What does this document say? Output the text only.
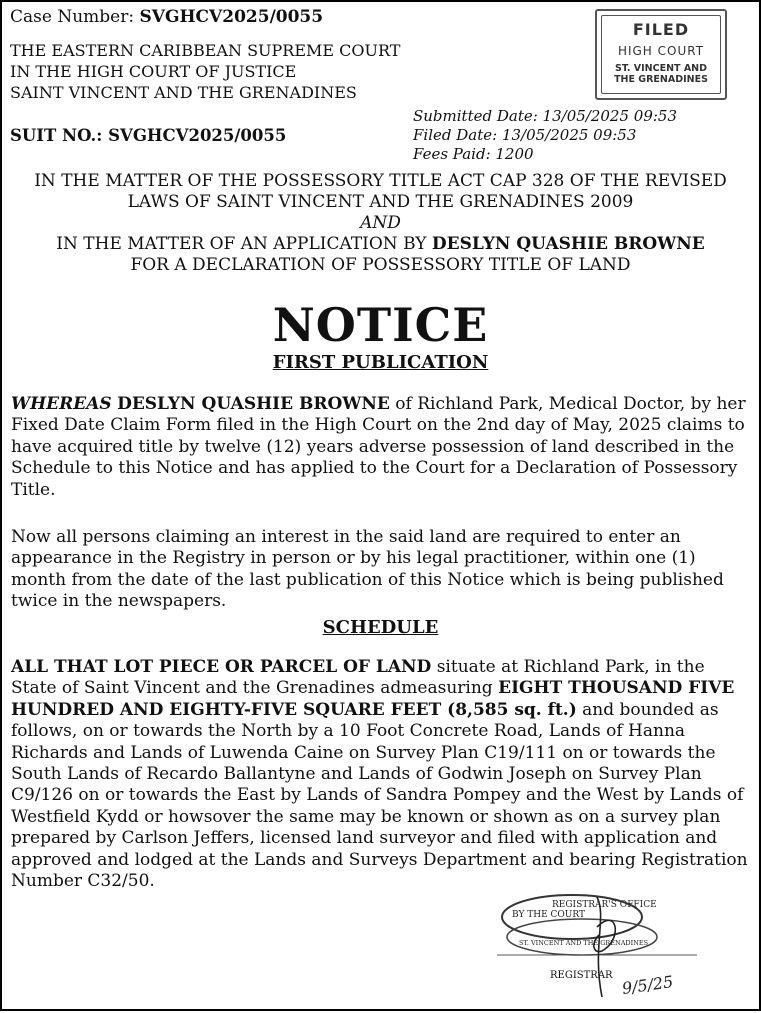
Case Number: SVGHCV2025/0055
THE EASTERN CARIBBEAN SUPREME COURT
IN THE HIGH COURT OF JUSTICE
SAINT VINCENT AND THE GRENADINES
SUIT NO.: SVGHCV2025/0055
Submitted Date: 13/05/2025 09:53
Filed Date: 13/05/2025 09:53
Fees Paid: 1200
FILED
HIGH COURT
ST. VINCENT AND
THE GRENADINES
IN THE MATTER OF THE POSSESSORY TITLE ACT CAP 328 OF THE REVISED
LAWS OF SAINT VINCENT AND THE GRENADINES 2009
AND
IN THE MATTER OF AN APPLICATION BY DESLYN QUASHIE BROWNE
FOR A DECLARATION OF POSSESSORY TITLE OF LAND
NOTICE
FIRST PUBLICATION
WHEREAS DESLYN QUASHIE BROWNE of Richland Park, Medical Doctor, by her Fixed Date Claim Form filed in the High Court on the 2nd day of May, 2025 claims to have acquired title by twelve (12) years adverse possession of land described in the Schedule to this Notice and has applied to the Court for a Declaration of Possessory Title.
Now all persons claiming an interest in the said land are required to enter an appearance in the Registry in person or by his legal practitioner, within one (1) month from the date of the last publication of this Notice which is being published twice in the newspapers.
SCHEDULE
ALL THAT LOT PIECE OR PARCEL OF LAND situate at Richland Park, in the State of Saint Vincent and the Grenadines admeasuring EIGHT THOUSAND FIVE HUNDRED AND EIGHTY-FIVE SQUARE FEET (8,585 sq. ft.) and bounded as follows, on or towards the North by a 10 Foot Concrete Road, Lands of Hanna Richards and Lands of Luwenda Caine on Survey Plan C19/111 on or towards the South Lands of Recardo Ballantyne and Lands of Godwin Joseph on Survey Plan C9/126 on or towards the East by Lands of Sandra Pompey and the West by Lands of Westfield Kydd or howsover the same may be known or shown as on a survey plan prepared by Carlson Jeffers, licensed land surveyor and filed with application and approved and lodged at the Lands and Surveys Department and bearing Registration Number C32/50.
REGISTRAR'S OFFICE
BY THE COURT
ST. VINCENT AND THE GRENADINES
9/5/25
REGISTRAR
